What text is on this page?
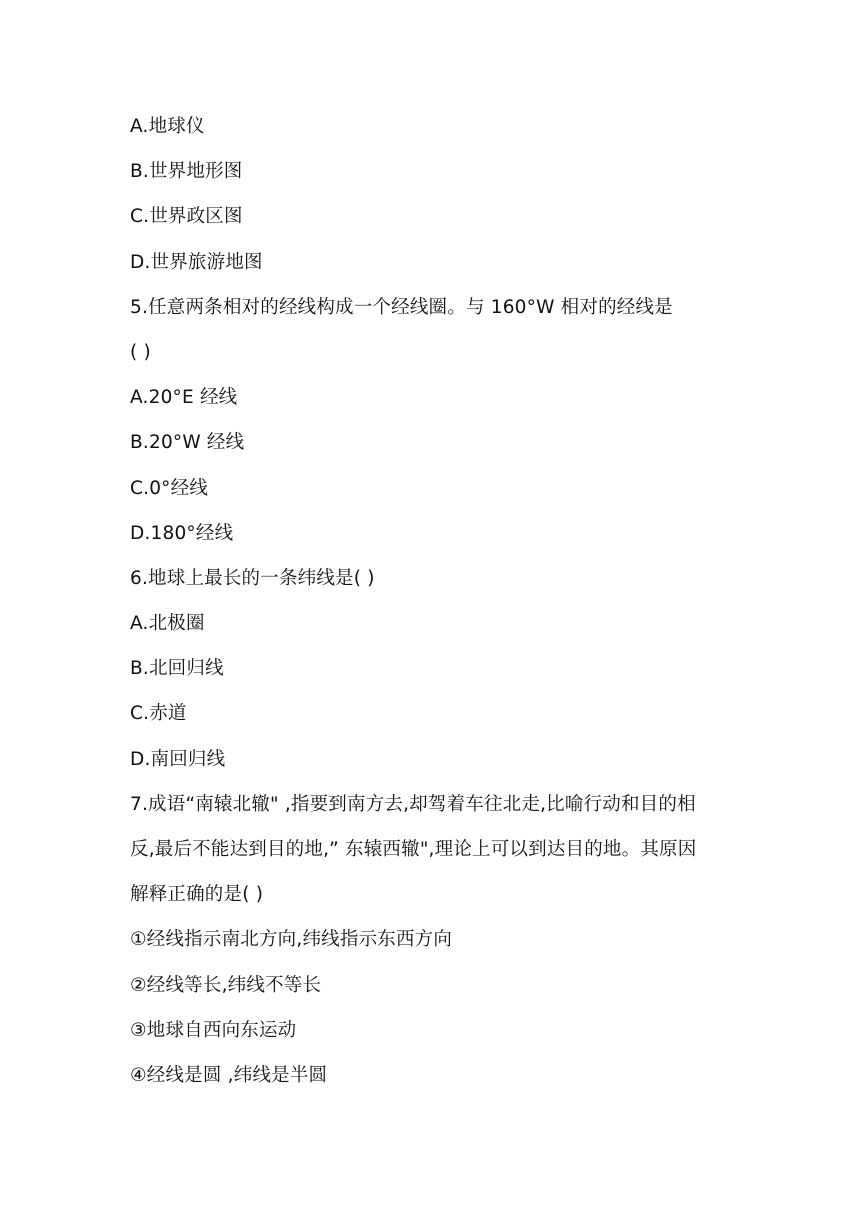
A.地球仪
B.世界地形图
C.世界政区图
D.世界旅游地图
5.任意两条相对的经线构成一个经线圈。与 160°W 相对的经线是
( )
A.20°E 经线
B.20°W 经线
C.0°经线
D.180°经线
6.地球上最长的一条纬线是( )
A.北极圈
B.北回归线
C.赤道
D.南回归线
7.成语“南辕北辙" ,指要到南方去,却驾着车往北走,比喻行动和目的相
反,最后不能达到目的地,” 东辕西辙",理论上可以到达目的地。其原因
解释正确的是( )
①经线指示南北方向,纬线指示东西方向
②经线等长,纬线不等长
③地球自西向东运动
④经线是圆 ,纬线是半圆
